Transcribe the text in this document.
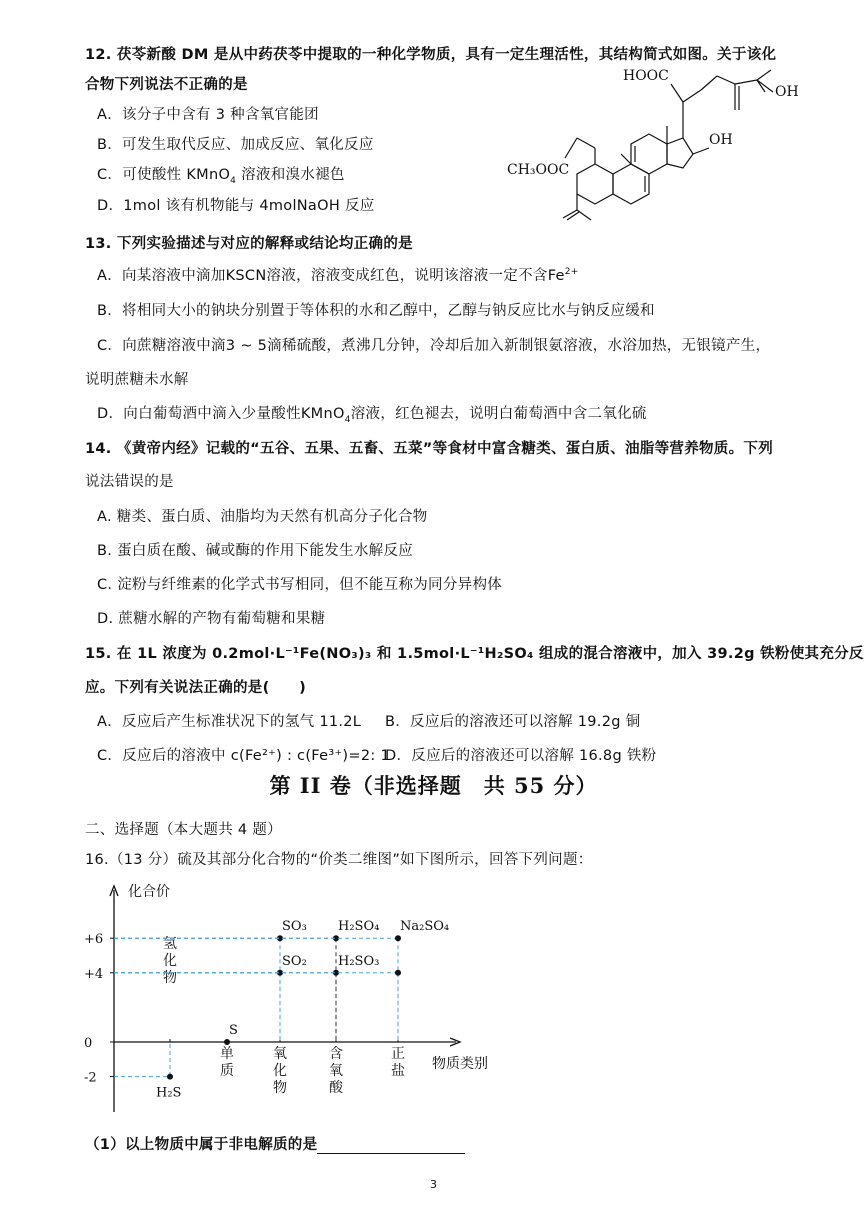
12. 茯苓新酸 DM 是从中药茯苓中提取的一种化学物质，具有一定生理活性，其结构简式如图。关于该化
合物下列说法不正确的是
A．该分子中含有 3 种含氧官能团
B．可发生取代反应、加成反应、氧化反应
C．可使酸性 KMnO$_4$ 溶液和溴水褪色
D．1mol 该有机物能与 4molNaOH 反应
HOOC
OH
OH
CH₃OOC
13. 下列实验描述与对应的解释或结论均正确的是
A．向某溶液中滴加KSCN溶液，溶液变成红色，说明该溶液一定不含$Fe^{2+}$
B．将相同大小的钠块分别置于等体积的水和乙醇中，乙醇与钠反应比水与钠反应缓和
C．向蔗糖溶液中滴3 ~ 5滴稀硫酸，煮沸几分钟，冷却后加入新制银氨溶液，水浴加热，无银镜产生，
说明蔗糖未水解
D．向白葡萄酒中滴入少量酸性KMnO$_4$溶液，红色褪去，说明白葡萄酒中含二氧化硫
14. 《黄帝内经》记载的“五谷、五果、五畜、五菜”等食材中富含糖类、蛋白质、油脂等营养物质。下列
说法错误的是
A. 糖类、蛋白质、油脂均为天然有机高分子化合物
B. 蛋白质在酸、碱或酶的作用下能发生水解反应
C. 淀粉与纤维素的化学式书写相同，但不能互称为同分异构体
D. 蔗糖水解的产物有葡萄糖和果糖
15. 在 1L 浓度为 0.2mol·L⁻¹Fe(NO₃)₃ 和 1.5mol·L⁻¹H₂SO₄ 组成的混合溶液中，加入 39.2g 铁粉使其充分反
应。下列有关说法正确的是(　　)
A．反应后产生标准状况下的氢气 11.2L B．反应后的溶液还可以溶解 19.2g 铜
C．反应后的溶液中 c(Fe²⁺) : c(Fe³⁺)=2: 1
D．反应后的溶液还可以溶解 16.8g 铁粉
第 II 卷（非选择题　共 55 分）
二、选择题（本大题共 4 题）
16.（13 分）硫及其部分化合物的“价类二维图”如下图所示，回答下列问题：
化合价
物质类别
+6
+4
0
-2
氢
化
物
单
质
氧
化
物
含
氧
酸
正
盐
H₂S
S
SO₃
SO₂
H₂SO₄
H₂SO₃
Na₂SO₄
（1）以上物质中属于非电解质的是
3
